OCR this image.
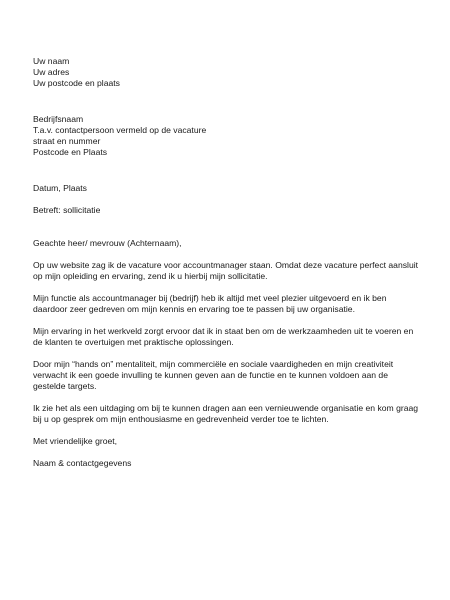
Uw naam
Uw adres
Uw postcode en plaats
Bedrijfsnaam
T.a.v. contactpersoon vermeld op de vacature
straat en nummer
Postcode en Plaats
Datum, Plaats
Betreft: sollicitatie
Geachte heer/ mevrouw (Achternaam),
Op uw website zag ik de vacature voor accountmanager staan. Omdat deze vacature perfect aansluit
op mijn opleiding en ervaring, zend ik u hierbij mijn sollicitatie.
Mijn functie als accountmanager bij (bedrijf) heb ik altijd met veel plezier uitgevoerd en ik ben
daardoor zeer gedreven om mijn kennis en ervaring toe te passen bij uw organisatie.
Mijn ervaring in het werkveld zorgt ervoor dat ik in staat ben om de werkzaamheden uit te voeren en
de klanten te overtuigen met praktische oplossingen.
Door mijn “hands on” mentaliteit, mijn commerciële en sociale vaardigheden en mijn creativiteit
verwacht ik een goede invulling te kunnen geven aan de functie en te kunnen voldoen aan de
gestelde targets.
Ik zie het als een uitdaging om bij te kunnen dragen aan een vernieuwende organisatie en kom graag
bij u op gesprek om mijn enthousiasme en gedrevenheid verder toe te lichten.
Met vriendelijke groet,
Naam & contactgegevens
